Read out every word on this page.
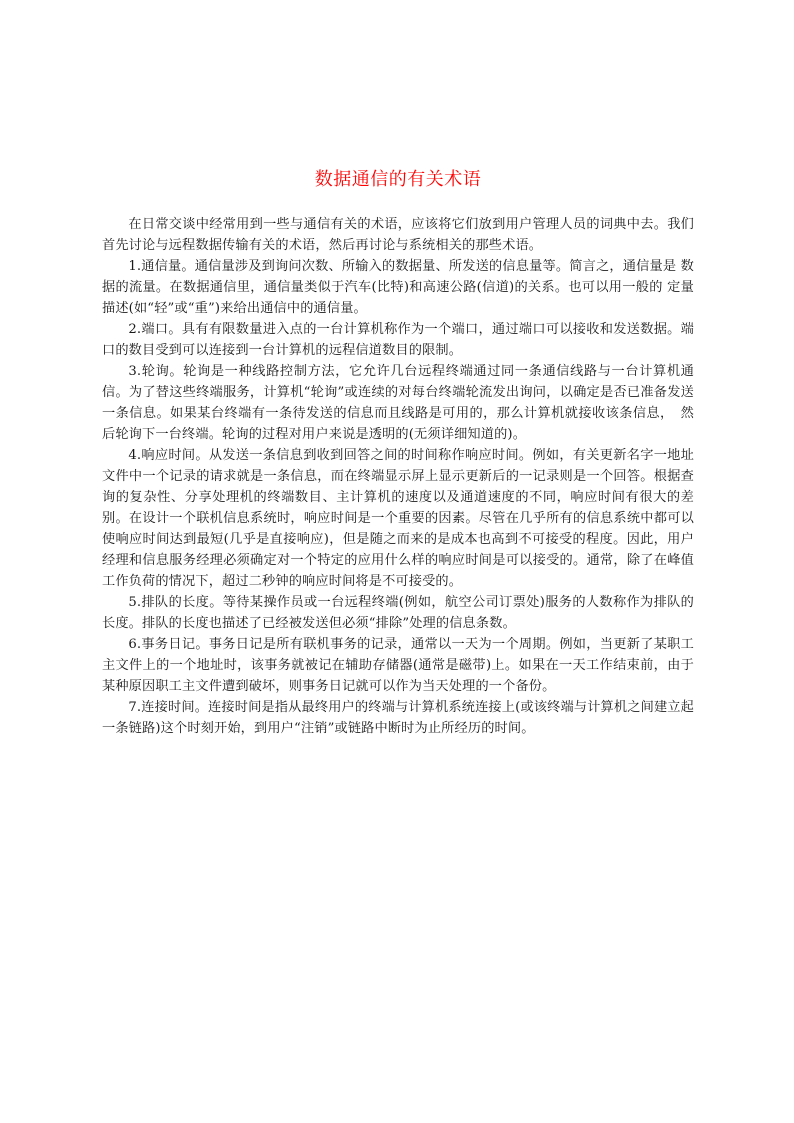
数据通信的有关术语

在日常交谈中经常用到一些与通信有关的术语，应该将它们放到用户管理人员的词典中去。我们首先讨论与远程数据传输有关的术语，然后再讨论与系统相关的那些术语。

1.通信量。通信量涉及到询问次数、所输入的数据量、所发送的信息量等。简言之，通信量是 数据的流量。在数据通信里，通信量类似于汽车(比特)和高速公路(信道)的关系。也可以用一般的 定量描述(如“轻”或“重”)来给出通信中的通信量。

2.端口。具有有限数量进入点的一台计算机称作为一个端口，通过端口可以接收和发送数据。端口的数目受到可以连接到一台计算机的远程信道数目的限制。

3.轮询。轮询是一种线路控制方法，它允许几台远程终端通过同一条通信线路与一台计算机通信。为了替这些终端服务，计算机“轮询”或连续的对每台终端轮流发出询问，以确定是否已准备发送一条信息。如果某台终端有一条待发送的信息而且线路是可用的，那么计算机就接收该条信息，　然后轮询下一台终端。轮询的过程对用户来说是透明的(无须详细知道的)。

4.响应时间。从发送一条信息到收到回答之间的时间称作响应时间。例如，有关更新名字一地址文件中一个记录的请求就是一条信息，而在终端显示屏上显示更新后的一记录则是一个回答。根据查询的复杂性、分享处理机的终端数目、主计算机的速度以及通道速度的不同，响应时间有很大的差别。在设计一个联机信息系统时，响应时间是一个重要的因素。尽管在几乎所有的信息系统中都可以使响应时间达到最短(几乎是直接响应)，但是随之而来的是成本也高到不可接受的程度。因此，用户经理和信息服务经理必须确定对一个特定的应用什么样的响应时间是可以接受的。通常，除了在峰值工作负荷的情况下，超过二秒钟的响应时间将是不可接受的。

5.排队的长度。等待某操作员或一台远程终端(例如，航空公司订票处)服务的人数称作为排队的长度。排队的长度也描述了已经被发送但必须“排除”处理的信息条数。

6.事务日记。事务日记是所有联机事务的记录，通常以一天为一个周期。例如，当更新了某职工主文件上的一个地址时，该事务就被记在辅助存储器(通常是磁带)上。如果在一天工作结束前，由于某种原因职工主文件遭到破坏，则事务日记就可以作为当天处理的一个备份。

7.连接时间。连接时间是指从最终用户的终端与计算机系统连接上(或该终端与计算机之间建立起一条链路)这个时刻开始，到用户“注销”或链路中断时为止所经历的时间。
